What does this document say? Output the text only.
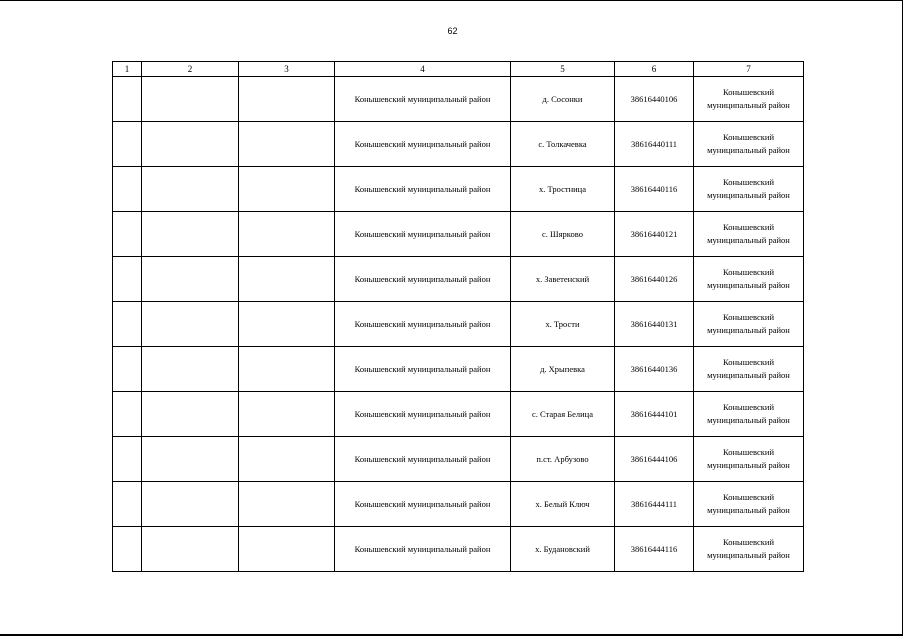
62
1	2	3	4	5	6	7
			Конышевский муниципальный район	д. Сосонки	38616440106	Конышевский
муниципальный район
			Конышевский муниципальный район	с. Толкачевка	38616440111	Конышевский
муниципальный район
			Конышевский муниципальный район	х. Тростница	38616440116	Конышевский
муниципальный район
			Конышевский муниципальный район	с. Шярково	38616440121	Конышевский
муниципальный район
			Конышевский муниципальный район	х. Заветенский	38616440126	Конышевский
муниципальный район
			Конышевский муниципальный район	х. Трости	38616440131	Конышевский
муниципальный район
			Конышевский муниципальный район	д. Хрыпевка	38616440136	Конышевский
муниципальный район
			Конышевский муниципальный район	с. Старая Белица	38616444101	Конышевский
муниципальный район
			Конышевский муниципальный район	п.ст. Арбузово	38616444106	Конышевский
муниципальный район
			Конышевский муниципальный район	х. Белый Ключ	38616444111	Конышевский
муниципальный район
			Конышевский муниципальный район	х. Будановский	38616444116	Конышевский
муниципальный район
